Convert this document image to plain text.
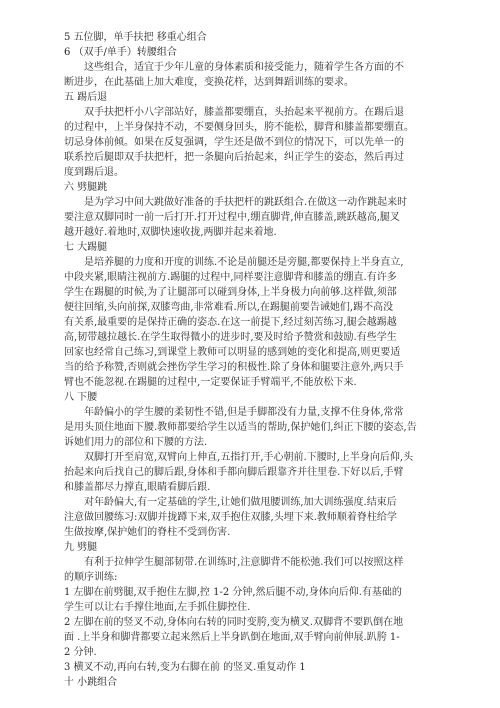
5 五位脚，单手扶把 移重心组合
6 （双手/单手）转腰组合
这些组合，适宜于少年儿童的身体素质和接受能力，随着学生各方面的不
断进步，在此基础上加大难度，变换花样，达到舞蹈训练的要求。
五 踢后退
双手扶把杆小八字部站好，膝盖都要绷直，头抬起来平视前方。在踢后退
的过程中，上半身保持不动，不要侧身回头，胯不能松，脚背和膝盖都要绷直。
切忌身体前倾。如果在反复强调，学生还是做不到位的情况下，可以先单一的
联系控后腿即双手扶把杆，把一条腿向后抬起来，纠正学生的姿态，然后再过
度到踢后退。
六 劈腿跳
是为学习中间大跳做好准备的手扶把杆的跳跃组合.在做这一动作跳起来时
要注意双脚同时一前一后打开.打开过程中,绷直脚背,伸直膝盖,跳跃越高,腿叉
越开越好.着地时,双脚快速收拢,两脚并起来着地.
七 大踢腿
是培养腿的力度和开度的训练.不论是前腿还是旁腿,都要保持上半身直立,
中段夹紧,眼睛注视前方.踢腿的过程中,同样要注意脚背和膝盖的绷直.有许多
学生在踢腿的时候,为了让腿部可以碰到身体,上半身极力向前够.这样做,须部
便往回缩,头向前探,双膝弯曲,非常难看.所以,在踢腿前要告诫她们,踢不高没
有关系,最重要的是保持正确的姿态.在这一前提下,经过刻苦练习,腿会越踢越
高,韧带越拉越长.在学生取得微小的进步时,要及时给予赞赏和鼓励.有些学生
回家也经常自己练习,到课堂上教师可以明显的感到她的变化和提高,则更要适
当的给予称赞,否则就会挫伤学生学习的积极性.除了身体和腿要注意外,两只手
臂也不能忽视.在踢腿的过程中,一定要保证手臂端平,不能放松下来.
八 下腰
年龄偏小的学生腰的柔韧性不错,但是手脚都没有力量,支撑不住身体,常常
是用头顶住地面下腰.教师都要给学生以适当的帮助,保护她们,纠正下腰的姿态,告
诉她们用力的部位和下腰的方法.
双脚打开至肩宽,双臂向上伸直,五指打开,手心朝前.下腰时,上半身向后仰,头
抬起来向后找自己的脚后跟,身体和手都向脚后跟靠齐并往里卷.下好以后,手臂
和膝盖都尽力撑直,眼睛看脚后跟.
对年龄偏大,有一定基础的学生,让她们做甩腰训练,加大训练强度.结束后
注意做回腰练习:双脚并拢蹲下来,双手抱住双膝,头埋下来.教师顺着脊柱给学
生做按摩,保护她们的脊柱不受到伤害.
九 劈腿
有利于拉伸学生腿部韧带.在训练时,注意脚背不能松弛.我们可以按照这样
的顺序训练:
1 左脚在前劈腿,双手抱住左脚,控 1-2 分钟,然后腿不动,身体向后仰.有基础的
学生可以让右手撑住地面,左手抓住脚控住.
2 左脚在前的竖叉不动,身体向右转的同时变胯,变为横叉.双脚背不要趴倒在地
面 .上半身和脚背都要立起来然后上半身趴倒在地面,双手臂向前伸展.趴胯 1-
2 分钟.
3 横叉不动,再向右转,变为右脚在前 的竖叉.重复动作 1
十 小跳组合
